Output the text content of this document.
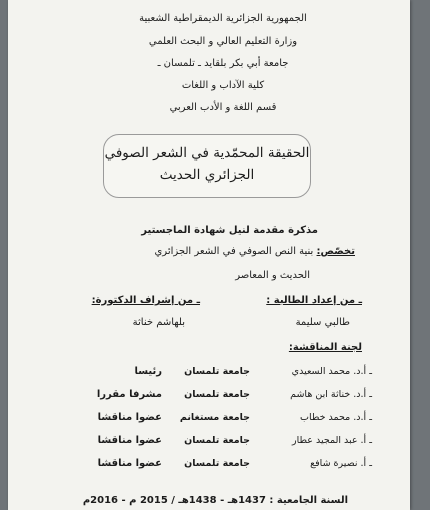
الجمهورية الجزائرية الديمقراطية الشعبية
وزارة التعليم العالي و البحث العلمي
جامعة أبي بكر بلقايد ـ تلمسان ـ
كلية الآداب و اللغات
قسم اللغة و الأدب العربي
الحقيقة المحمّدية في الشعر الصوفي
الجزائري الحديث
مذكرة مقدمة لنيل شهادة الماجستير
تخصّص: بنية النص الصوفي في الشعر الجزائري
الحديث و المعاصر
ـ من إعداد الطالبة :
ـ من إشراف الدكتورة:
طالبي سليمة
بلهاشم خناثة
لجنة المناقشة:
ـ أ.د. محمد السعيدي
جامعة تلمسان
رئيسا
ـ أ.د. خناثة ابن هاشم
جامعة تلمسان
مشرفا مقررا
ـ أ.د. محمد خطاب
جامعة مستغانم
عضوا مناقشا
ـ أ. عبد المجيد عطار
جامعة تلمسان
عضوا مناقشا
ـ أ. نصيرة شافع
جامعة تلمسان
عضوا مناقشا
السنة الجامعية : 1437هـ - 1438هـ / 2015 م - 2016م
